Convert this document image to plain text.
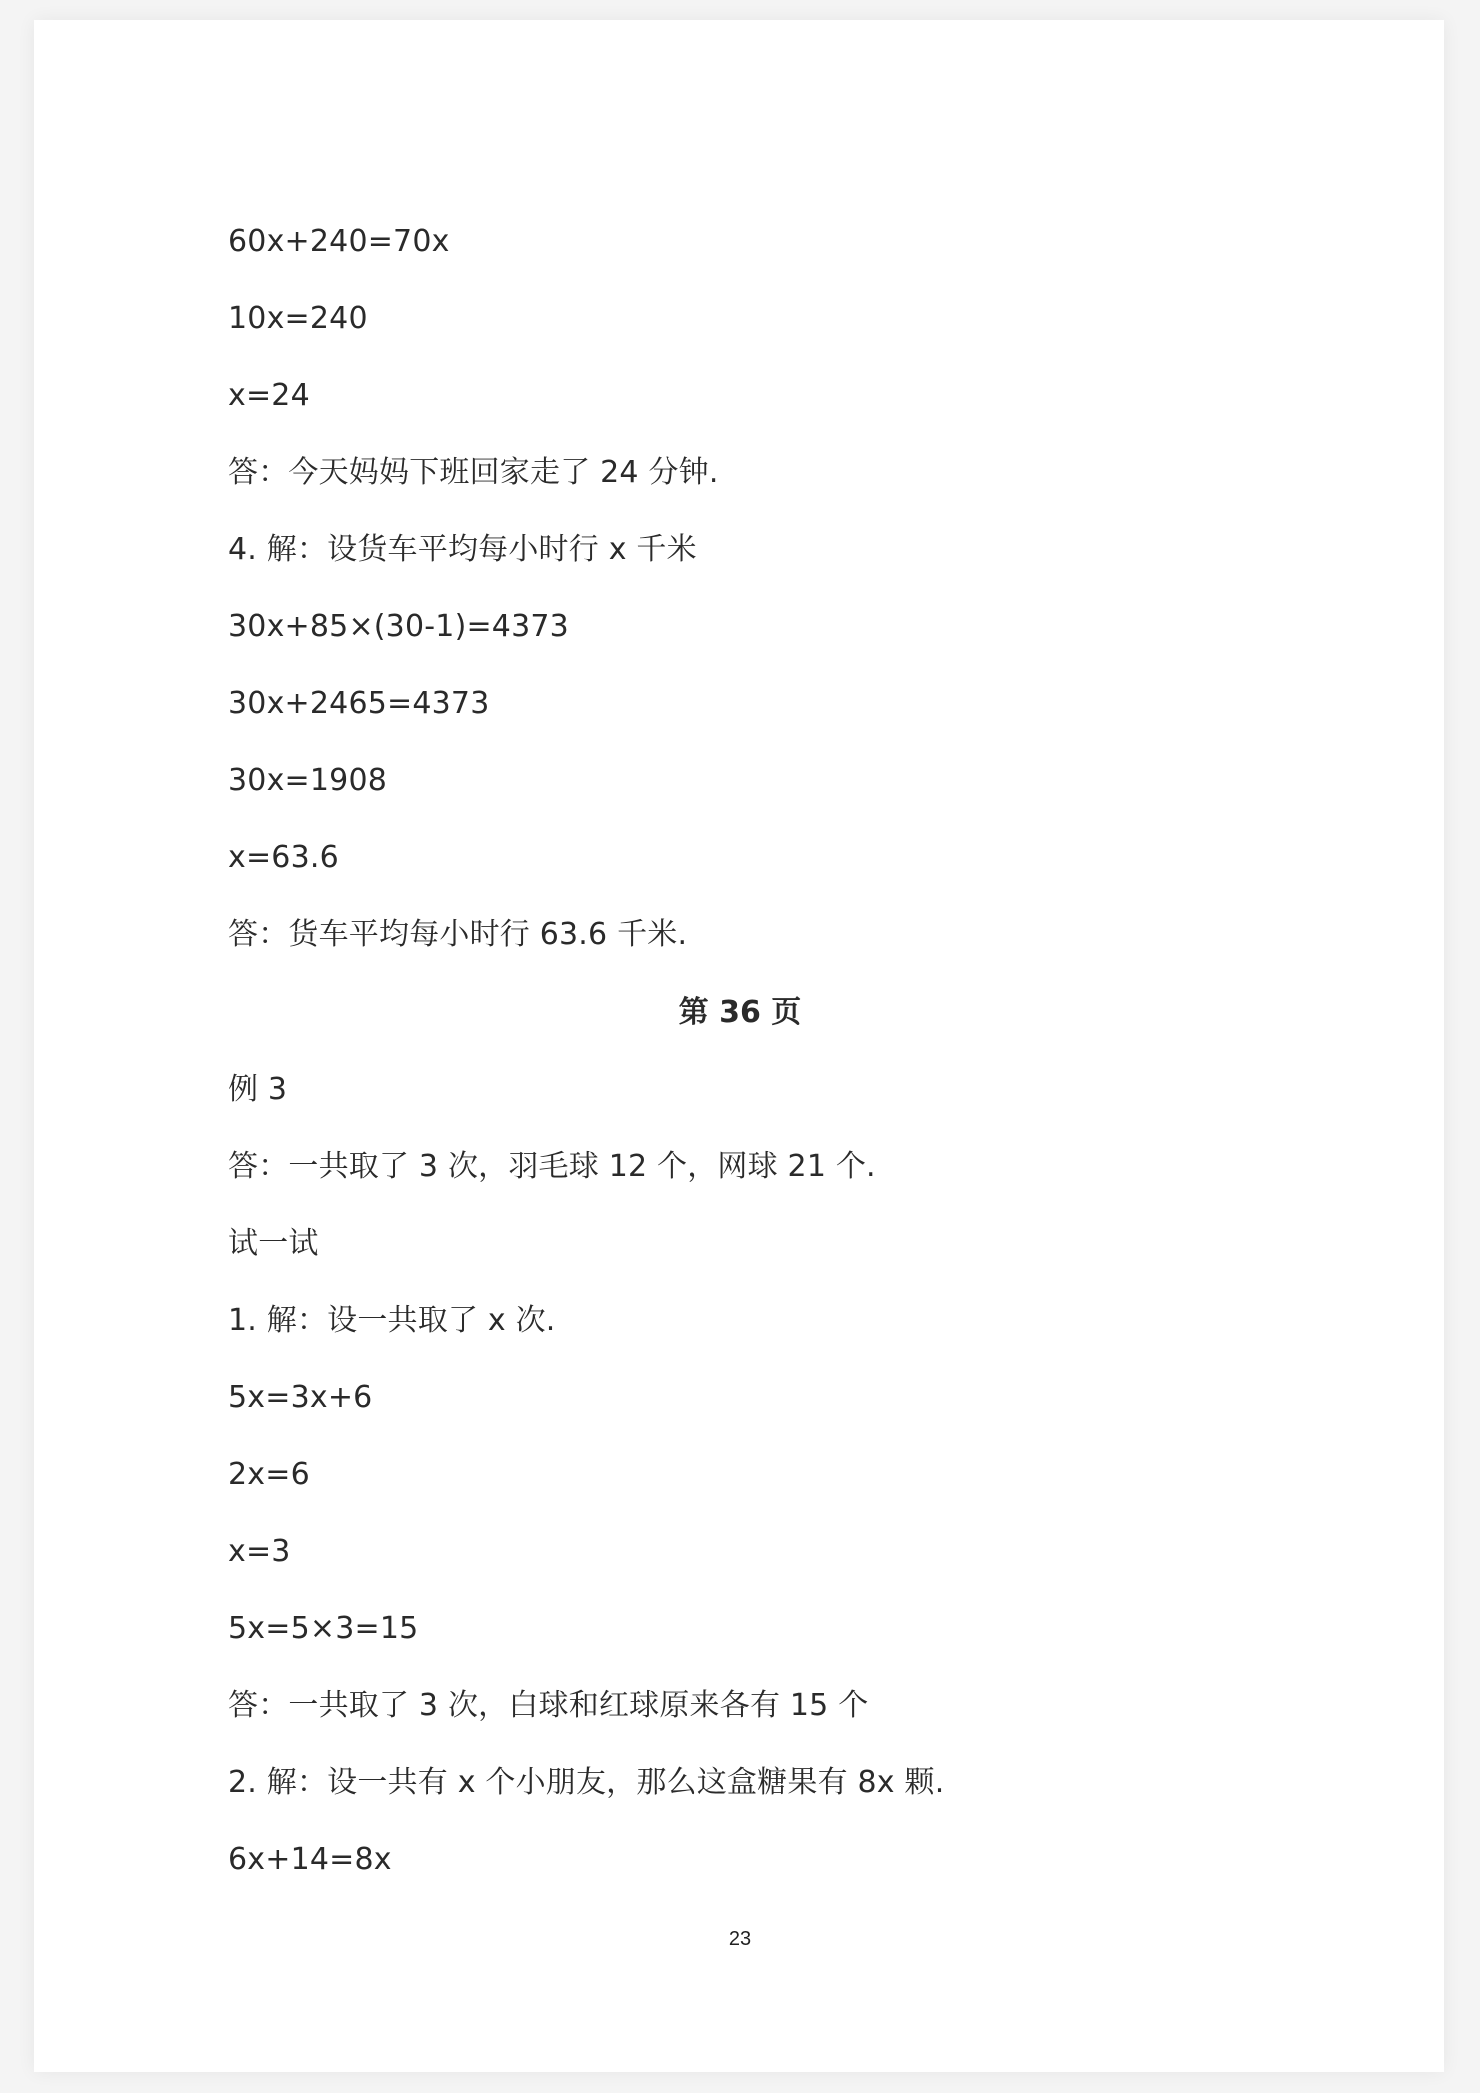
60x+240=70x
10x=240
x=24
答：今天妈妈下班回家走了 24 分钟.
4. 解：设货车平均每小时行 x 千米
30x+85×(30-1)=4373
30x+2465=4373
30x=1908
x=63.6
答：货车平均每小时行 63.6 千米.
第 36 页
例 3
答：一共取了 3 次，羽毛球 12 个，网球 21 个.
试一试
1. 解：设一共取了 x 次.
5x=3x+6
2x=6
x=3
5x=5×3=15
答：一共取了 3 次，白球和红球原来各有 15 个
2. 解：设一共有 x 个小朋友，那么这盒糖果有 8x 颗.
6x+14=8x
23
